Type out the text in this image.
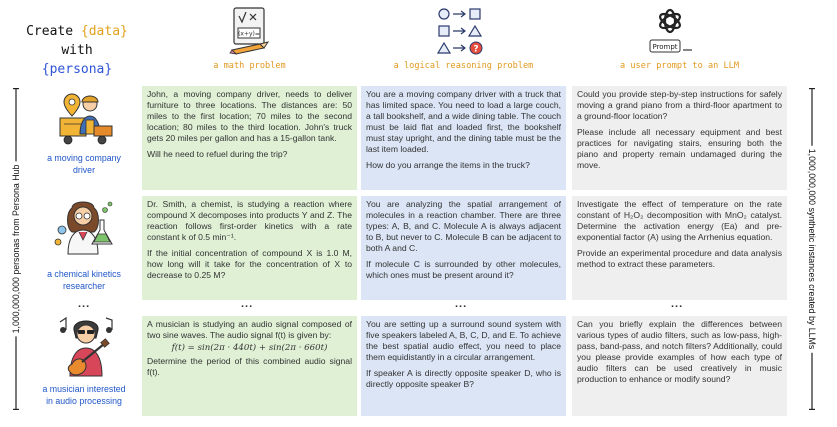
Create {data} with
{persona}
(x+y)=
?	Prompt
a math problem	a logical reasoning problem	a user prompt to an LLM
1,000,000,000 personas from Persona Hub	1,000,000,000 synthetic instances created by LLMs
a moving company
driver
a chemical kinetics
researcher
a musician interested
in audio processing

John, a moving company driver, needs to deliver furniture to three locations. The distances are: 50 miles to the first location; 70 miles to the second location; 80 miles to the third location. John's truck gets 20 miles per gallon and has a 15-gallon tank.

Will he need to refuel during the trip?

You are a moving company driver with a truck that has limited space. You need to load a large couch, a tall bookshelf, and a wide dining table. The couch must be laid flat and loaded first, the bookshelf must stay upright, and the dining table must be the last item loaded.

How do you arrange the items in the truck?

Could you provide step-by-step instructions for safely moving a grand piano from a third-floor apartment to a ground-floor location?

Please include all necessary equipment and best practices for navigating stairs, ensuring both the piano and property remain undamaged during the move.

Dr. Smith, a chemist, is studying a reaction where compound X decomposes into products Y and Z. The reaction follows first-order kinetics with a rate constant k of 0.5 min⁻¹.

If the initial concentration of compound X is 1.0 M, how long will it take for the concentration of X to decrease to 0.25 M?

You are analyzing the spatial arrangement of molecules in a reaction chamber. There are three types: A, B, and C. Molecule A is always adjacent to B, but never to C. Molecule B can be adjacent to both A and C.

If molecule C is surrounded by other molecules, which ones must be present around it?

Investigate the effect of temperature on the rate constant of H₂O₂ decomposition with MnO₂ catalyst. Determine the activation energy (Ea) and pre-exponential factor (A) using the Arrhenius equation.

Provide an experimental procedure and data analysis method to extract these parameters.

...	...	...
...

A musician is studying an audio signal composed of two sine waves. The audio signal f(t) is given by:

f(t) = sin(2π · 440t) + sin(2π · 660t)

Determine the period of this combined audio signal f(t).

You are setting up a surround sound system with five speakers labeled A, B, C, D, and E. To achieve the best spatial audio effect, you need to place them equidistantly in a circular arrangement.

If speaker A is directly opposite speaker D, who is directly opposite speaker B?

Can you briefly explain the differences between various types of audio filters, such as low-pass, high-pass, band-pass, and notch filters? Additionally, could you please provide examples of how each type of audio filters can be used creatively in music production to enhance or modify sound?
